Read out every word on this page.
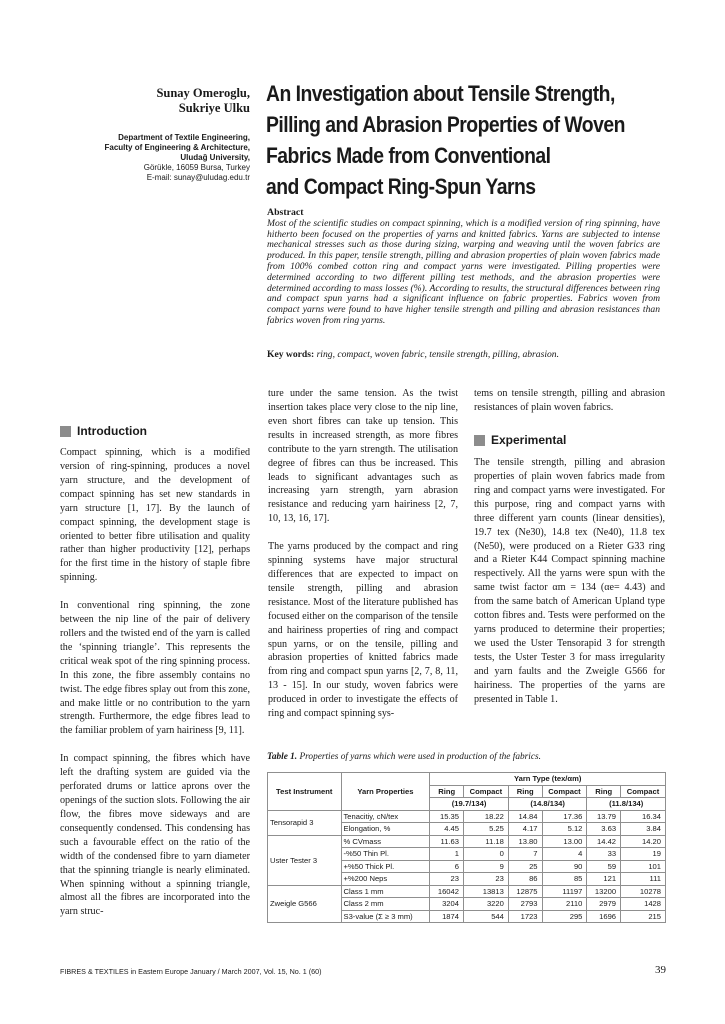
Sunay Omeroglu,
Sukriye Ulku
Department of Textile Engineering,
Faculty of Engineering & Architecture,
Uludağ University,
Görükle, 16059 Bursa, Turkey
E-mail: sunay@uludag.edu.tr
An Investigation about Tensile Strength,
Pilling and Abrasion Properties of Woven
Fabrics Made from Conventional
and Compact Ring-Spun Yarns
Abstract
Most of the scientific studies on compact spinning, which is a modified version of ring spinning, have hitherto been focused on the properties of yarns and knitted fabrics. Yarns are subjected to intense mechanical stresses such as those during sizing, warping and weaving until the woven fabrics are produced. In this paper, tensile strength, pilling and abrasion properties of plain woven fabrics made from 100% combed cotton ring and compact yarns were investigated. Pilling properties were determined according to two different pilling test methods, and the abrasion properties were determined according to mass losses (%). According to results, the structural differences between ring and compact spun yarns had a significant influence on fabric properties. Fabrics woven from compact yarns were found to have higher tensile strength and pilling and abrasion resistances than fabrics woven from ring yarns.
Key words: ring, compact, woven fabric, tensile strength, pilling, abrasion.
Introduction

Compact spinning, which is a modified version of ring-spinning, produces a novel yarn structure, and the development of compact spinning has set new standards in yarn structure [1, 17]. By the launch of compact spinning, the development stage is oriented to better fibre utilisation and quality rather than higher productivity [12], perhaps for the first time in the history of staple fibre spinning.

In conventional ring spinning, the zone between the nip line of the pair of delivery rollers and the twisted end of the yarn is called the ‘spinning triangle’. This represents the critical weak spot of the ring spinning process. In this zone, the fibre assembly contains no twist. The edge fibres splay out from this zone, and make little or no contribution to the yarn strength. Furthermore, the edge fibres lead to the familiar problem of yarn hairiness [9, 11].

In compact spinning, the fibres which have left the drafting system are guided via the perforated drums or lattice aprons over the openings of the suction slots. Following the air flow, the fibres move sideways and are consequently condensed. This condensing has such a favourable effect on the ratio of the width of the condensed fibre to yarn diameter that the spinning triangle is nearly eliminated. When spinning without a spinning triangle, almost all the fibres are incorporated into the yarn struc-

ture under the same tension. As the twist insertion takes place very close to the nip line, even short fibres can take up tension. This results in increased strength, as more fibres contribute to the yarn strength. The utilisation degree of fibres can thus be increased. This leads to significant advantages such as increasing yarn strength, yarn abrasion resistance and reducing yarn hairiness [2, 7, 10, 13, 16, 17].

The yarns produced by the compact and ring spinning systems have major structural differences that are expected to impact on tensile strength, pilling and abrasion resistance. Most of the literature published has focused either on the comparison of the tensile and hairiness properties of ring and compact spun yarns, or on the tensile, pilling and abrasion properties of knitted fabrics made from ring and compact spun yarns [2, 7, 8, 11, 13 - 15]. In our study, woven fabrics were produced in order to investigate the effects of ring and compact spinning sys-

tems on tensile strength, pilling and abrasion resistances of plain woven fabrics.

Experimental

The tensile strength, pilling and abrasion properties of plain woven fabrics made from ring and compact yarns were investigated. For this purpose, ring and compact yarns with three different yarn counts (linear densities), 19.7 tex (Ne30), 14.8 tex (Ne40), 11.8 tex (Ne50), were produced on a Rieter G33 ring and a Rieter K44 Compact spinning machine respectively. All the yarns were spun with the same twist factor αm = 134 (αe= 4.43) and from the same batch of American Upland type cotton fibres and. Tests were performed on the yarns produced to determine their properties; we used the Uster Tensorapid 3 for strength tests, the Uster Tester 3 for mass irregularity and yarn faults and the Zweigle G566 for hairiness. The properties of the yarns are presented in Table 1.

Table 1. Properties of yarns which were used in production of the fabrics.
Test Instrument	Yarn Properties	Yarn Type (tex/αm)					
		Ring	Compact	Ring	Compact	Ring	Compact
		(19.7/134)		(14.8/134)		(11.8/134)	
Tensorapid 3	Tenacitiy, cN/tex	15.35	18.22	14.84	17.36	13.79	16.34
	Elongation, %	4.45	5.25	4.17	5.12	3.63	3.84
Uster Tester 3	% CVmass	11.63	11.18	13.80	13.00	14.42	14.20
	-%50 Thin Pl.	1	0	7	4	33	19
	+%50 Thick Pl.	6	9	25	90	59	101
	+%200 Neps	23	23	86	85	121	111
Zweigle G566	Class 1 mm	16042	13813	12875	11197	13200	10278
	Class 2 mm	3204	3220	2793	2110	2979	1428
	S3-value (Σ ≥ 3 mm)	1874	544	1723	295	1696	215
FIBRES & TEXTILES in Eastern Europe January / March 2007, Vol. 15, No. 1 (60)	39
